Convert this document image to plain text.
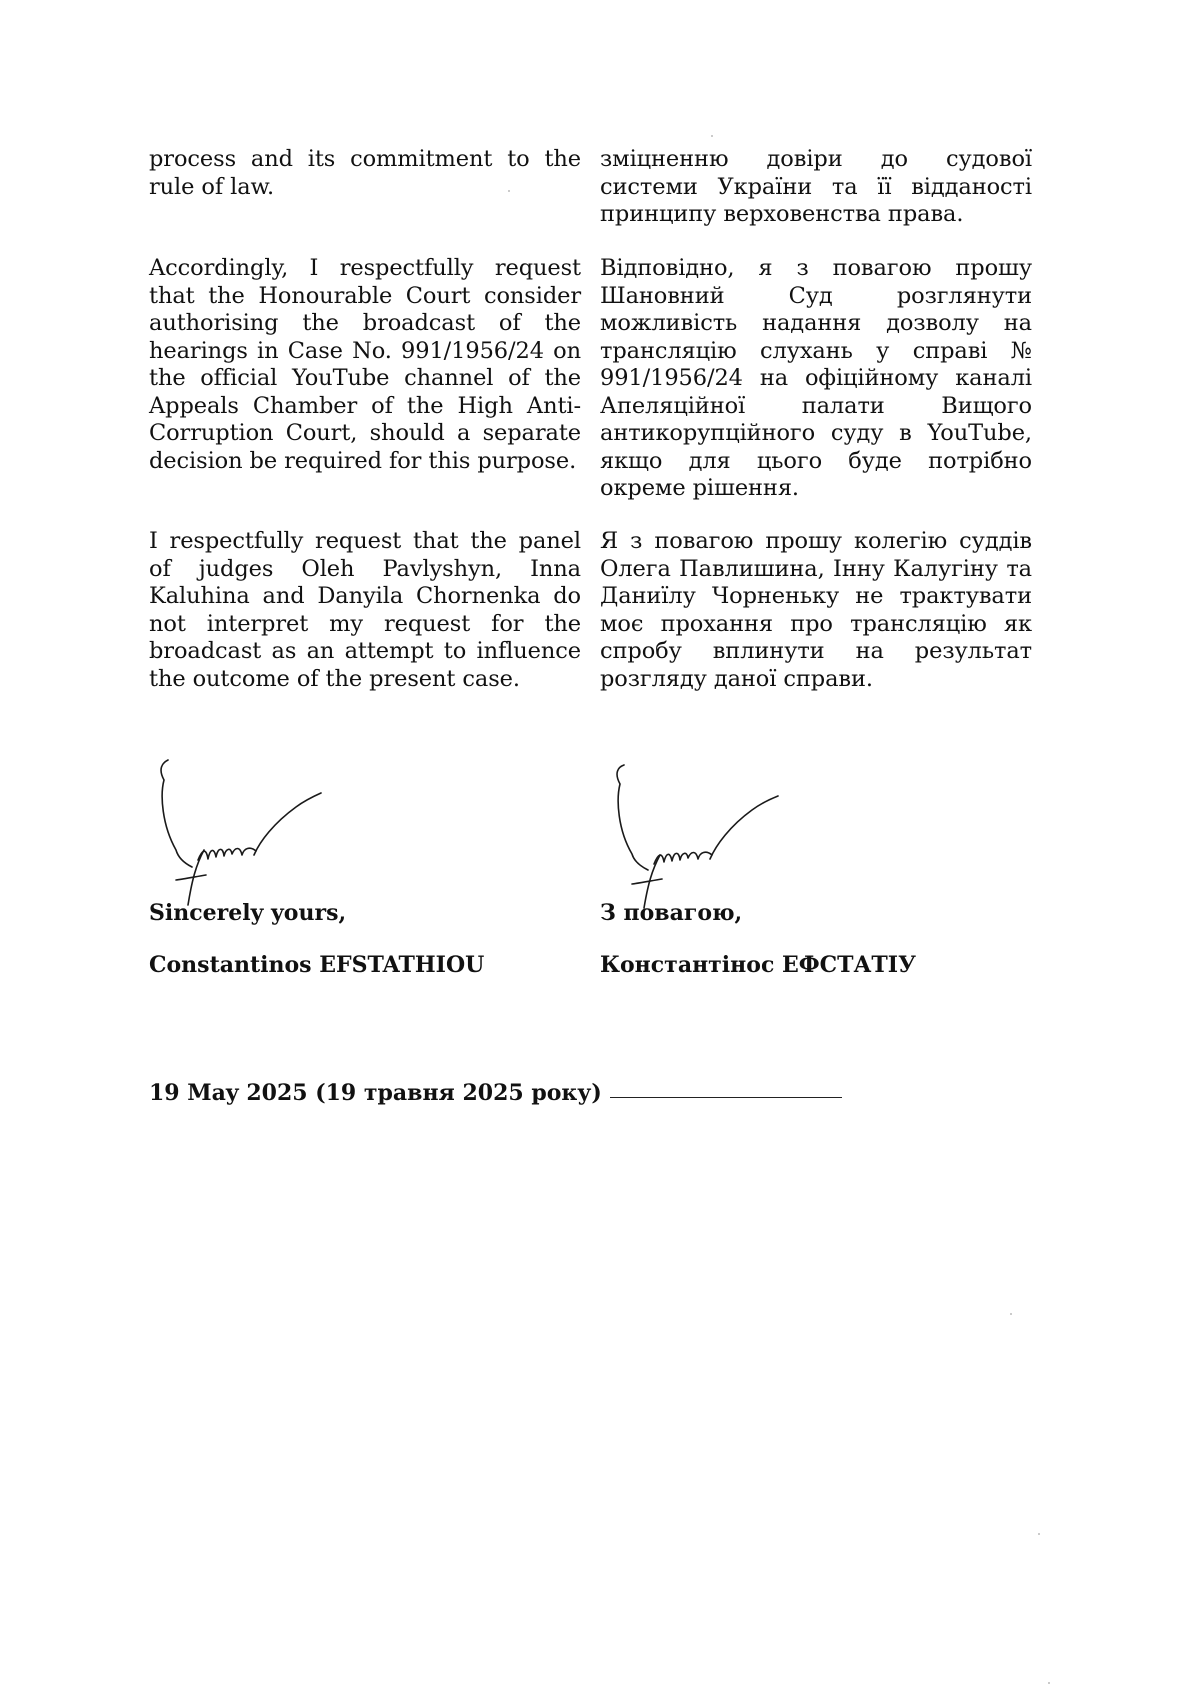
process and its commitment to the rule of law.

Accordingly, I respectfully request that the Honourable Court consider authorising the broadcast of the hearings in Case No. 991/1956/24 on the official YouTube channel of the Appeals Chamber of the High Anti-Corruption Court, should a separate decision be required for this purpose.

I respectfully request that the panel of judges Oleh Pavlyshyn, Inna Kaluhina and Danyila Chornenka do not interpret my request for the broadcast as an attempt to influence the outcome of the present case.

зміцненню довіри до судової системи України та її відданості принципу верховенства права.

Відповідно, я з повагою прошу Шановний Суд розглянути можливість надання дозволу на трансляцію слухань у справі № 991/1956/24 на офіційному каналі Апеляційної палати Вищого антикорупційного суду в YouTube, якщо для цього буде потрібно окреме рішення.

Я з повагою прошу колегію суддів Олега Павлишина, Інну Калугіну та Даниїлу Чорненьку не трактувати моє прохання про трансляцію як спробу вплинути на результат розгляду даної справи.

Sincerely yours,	З повагою,

Constantinos EFSTATHIOU	Константінос ЕФСТАТІУ

19 May 2025 (19 травня 2025 року)
